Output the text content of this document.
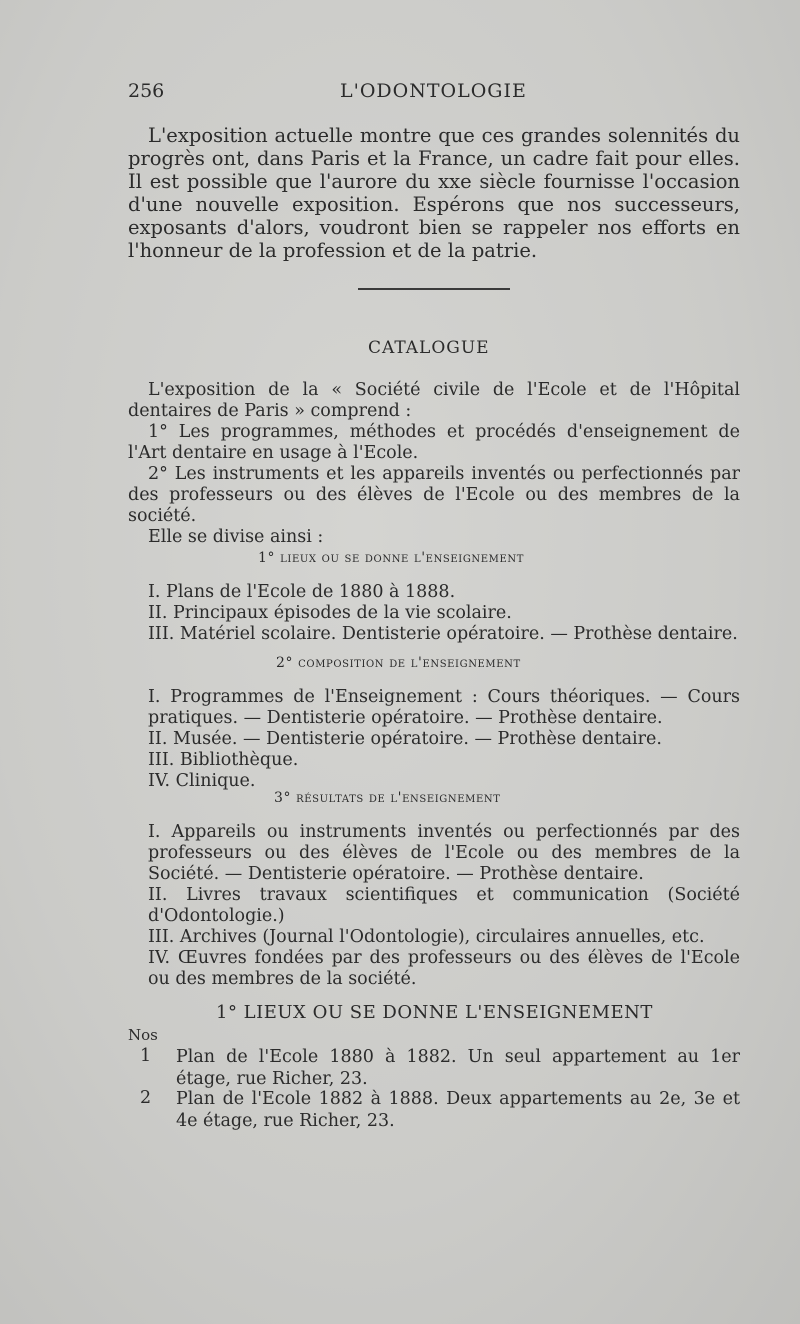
256	L'ODONTOLOGIE

L'exposition actuelle montre que ces grandes solennités du progrès ont, dans Paris et la France, un cadre fait pour elles. Il est possible que l'aurore du xxe siècle fournisse l'occasion d'une nouvelle exposition. Espérons que nos successeurs, exposants d'alors, voudront bien se rappeler nos efforts en l'honneur de la profession et de la patrie.

CATALOGUE

L'exposition de la « Société civile de l'Ecole et de l'Hôpital dentaires de Paris » comprend :

1° Les programmes, méthodes et procédés d'enseignement de l'Art dentaire en usage à l'Ecole.

2° Les instruments et les appareils inventés ou perfectionnés par des professeurs ou des élèves de l'Ecole ou des membres de la société.

Elle se divise ainsi :

1° lieux ou se donne l'enseignement

I. Plans de l'Ecole de 1880 à 1888.

II. Principaux épisodes de la vie scolaire.

III. Matériel scolaire. Dentisterie opératoire. — Prothèse dentaire.

2° composition de l'enseignement

I. Programmes de l'Enseignement : Cours théoriques. — Cours pratiques. — Dentisterie opératoire. — Prothèse dentaire.

II. Musée. — Dentisterie opératoire. — Prothèse dentaire.

III. Bibliothèque.

IV. Clinique.

3° résultats de l'enseignement

I. Appareils ou instruments inventés ou perfectionnés par des professeurs ou des élèves de l'Ecole ou des membres de la Société. — Dentisterie opératoire. — Prothèse dentaire.

II. Livres travaux scientifiques et communication (Société d'Odontologie.)

III. Archives (Journal l'Odontologie), circulaires annuelles, etc.

IV. Œuvres fondées par des professeurs ou des élèves de l'Ecole ou des membres de la société.

1° LIEUX OU SE DONNE L'ENSEIGNEMENT
Nos
1 Plan de l'Ecole 1880 à 1882. Un seul appartement au 1er étage, rue Richer, 23.

2 Plan de l'Ecole 1882 à 1888. Deux appartements au 2e, 3e et 4e étage, rue Richer, 23.
